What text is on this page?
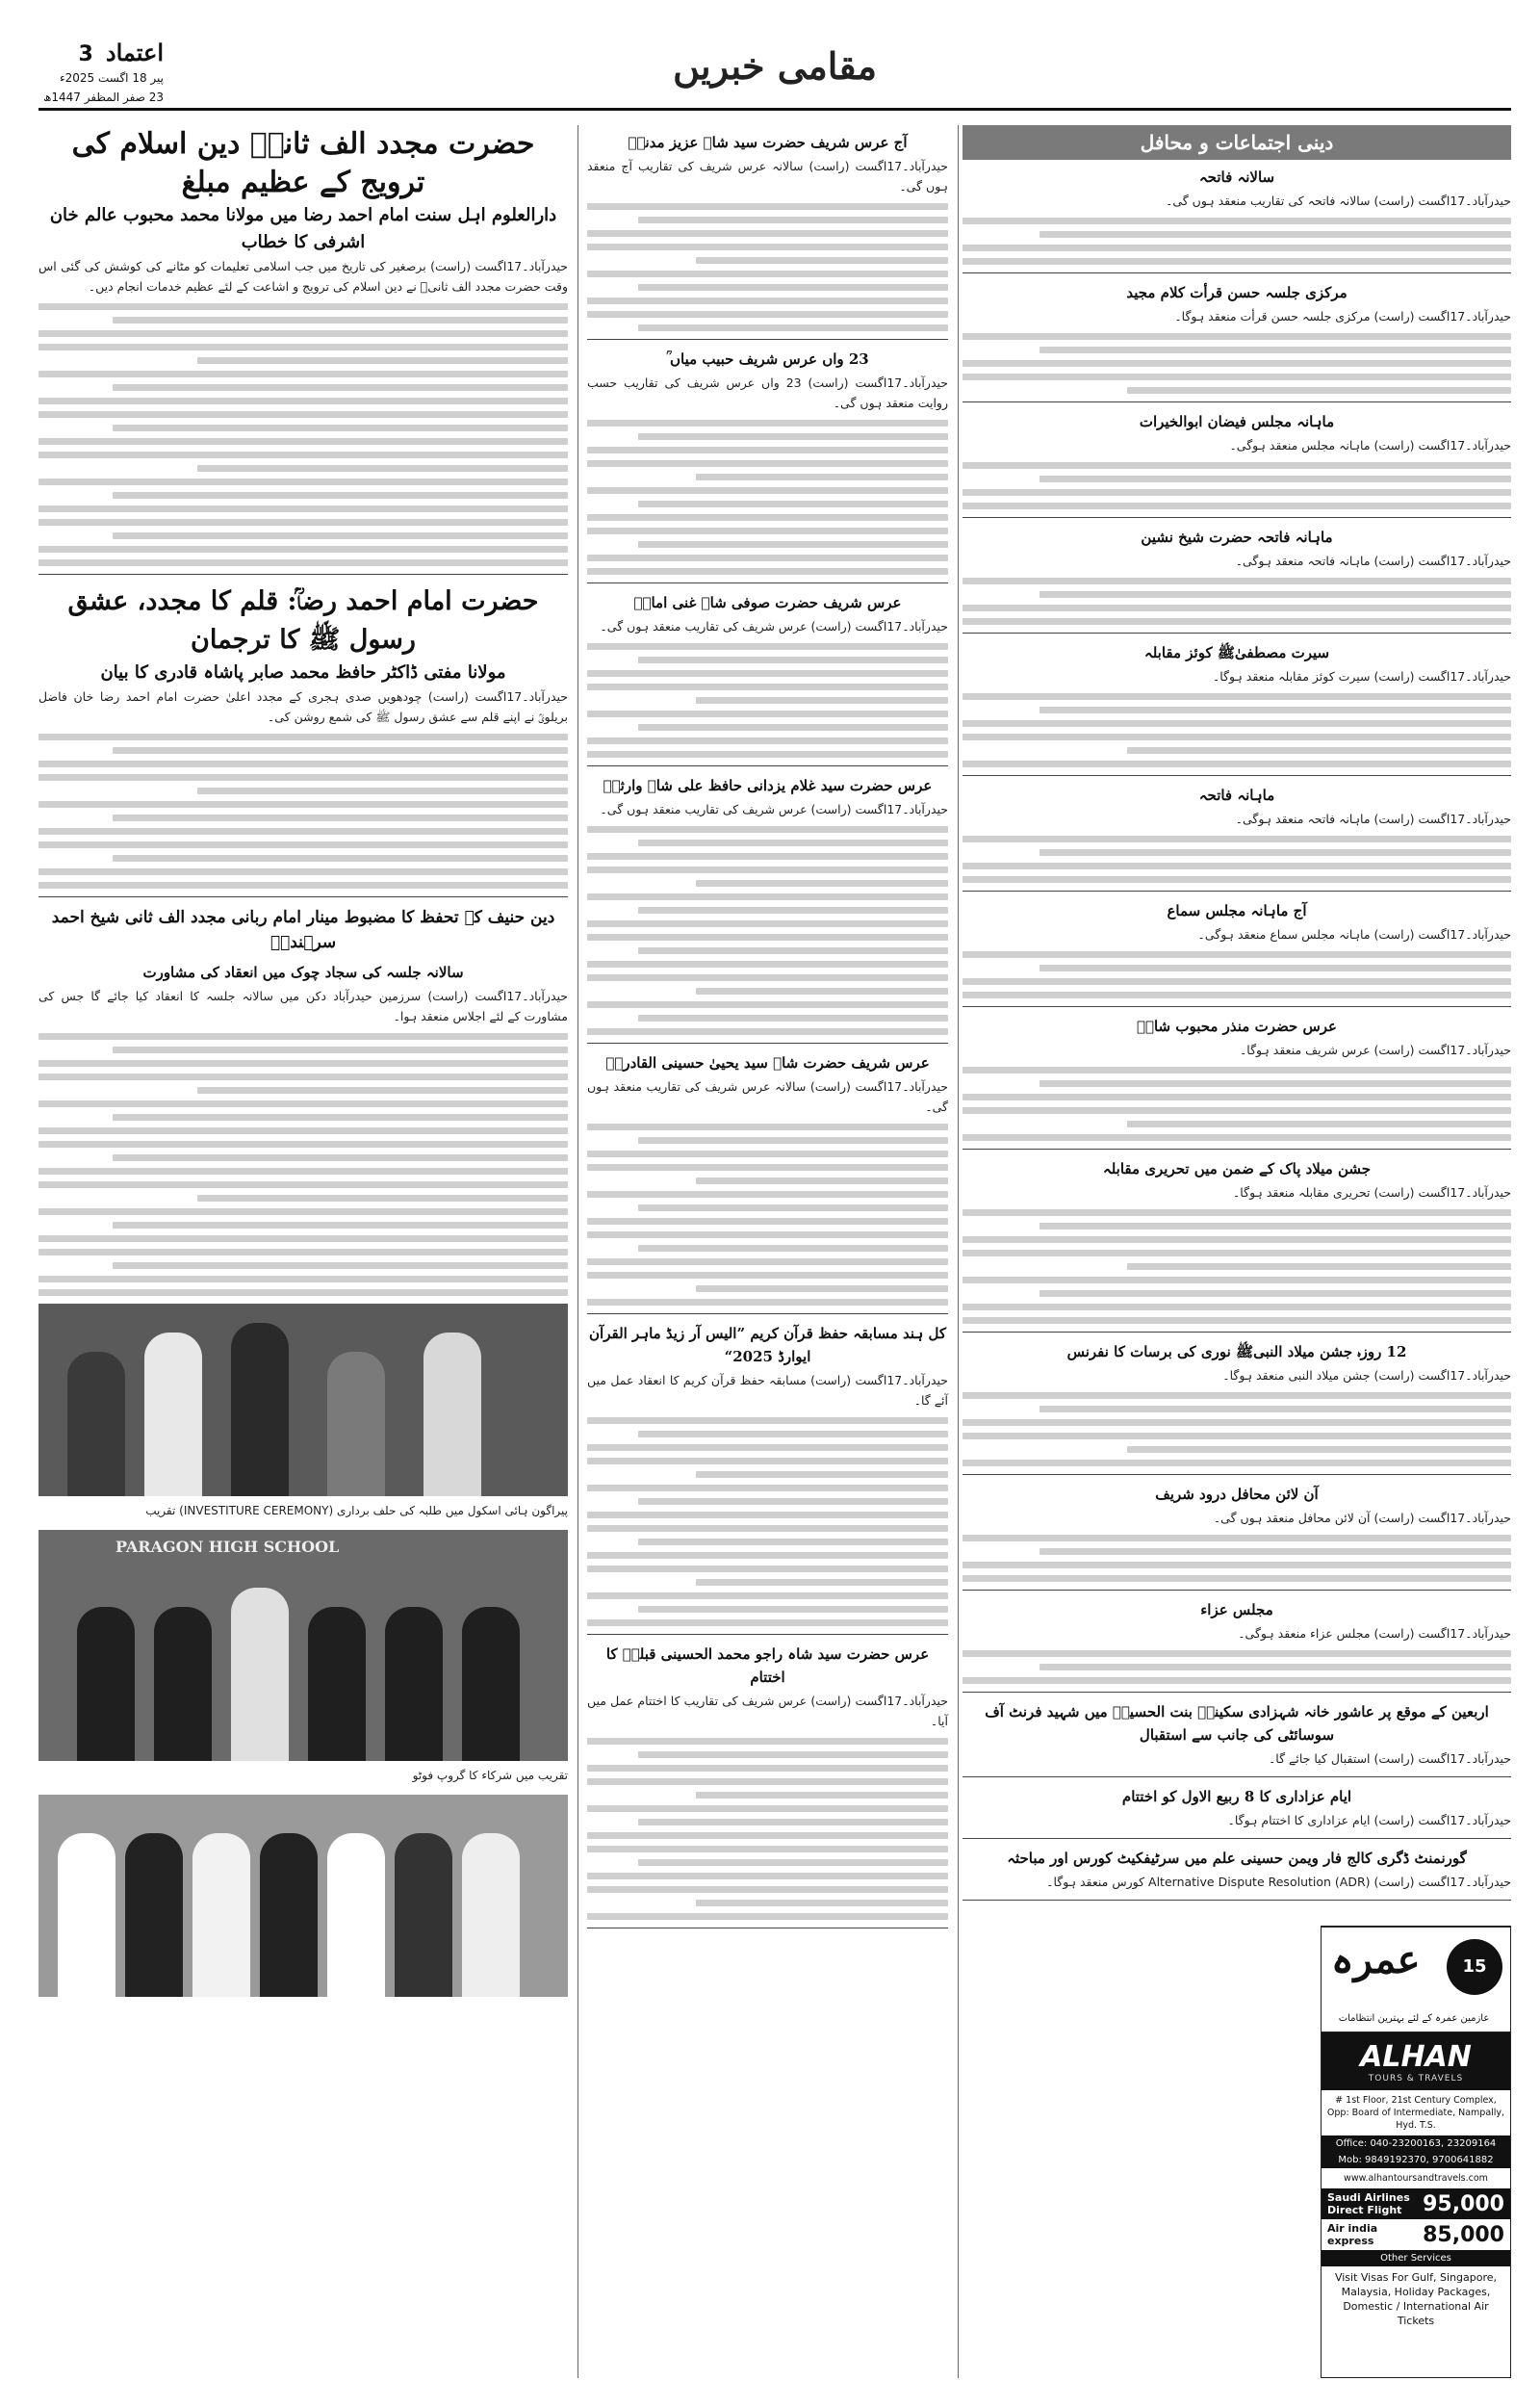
اعتماد 3
پیر 18 اگست 2025ء
23 صفر المظفر 1447ھ
مقامی خبریں
دینی اجتماعات و محافل
سالانہ فاتحہ
حیدرآباد۔17اگست (راست) سالانہ فاتحہ کی تقاریب منعقد ہوں گی۔
مرکزی جلسہ حسن قرأت کلام مجید
حیدرآباد۔17اگست (راست) مرکزی جلسہ حسن قرأت منعقد ہوگا۔
ماہانہ مجلس فیضان ابوالخیرات
حیدرآباد۔17اگست (راست) ماہانہ مجلس منعقد ہوگی۔
ماہانہ فاتحہ حضرت شیخ نشین
حیدرآباد۔17اگست (راست) ماہانہ فاتحہ منعقد ہوگی۔
سیرت مصطفیٰﷺ کوئز مقابلہ
حیدرآباد۔17اگست (راست) سیرت کوئز مقابلہ منعقد ہوگا۔
ماہانہ فاتحہ
حیدرآباد۔17اگست (راست) ماہانہ فاتحہ منعقد ہوگی۔
آج ماہانہ مجلس سماع
حیدرآباد۔17اگست (راست) ماہانہ مجلس سماع منعقد ہوگی۔
عرس حضرت منذر محبوب شاہؒ
حیدرآباد۔17اگست (راست) عرس شریف منعقد ہوگا۔
جشن میلاد پاک کے ضمن میں تحریری مقابلہ
حیدرآباد۔17اگست (راست) تحریری مقابلہ منعقد ہوگا۔
12 روزہ جشن میلاد النبیﷺ نوری کی برسات کا نفرنس
حیدرآباد۔17اگست (راست) جشن میلاد النبی منعقد ہوگا۔
آن لائن محافل درود شریف
حیدرآباد۔17اگست (راست) آن لائن محافل منعقد ہوں گی۔
مجلس عزاء
حیدرآباد۔17اگست (راست) مجلس عزاء منعقد ہوگی۔
اربعین کے موقع پر عاشور خانہ شہزادی سکینہؓ بنت الحسینؑ میں شہید فرنٹ آف سوسائٹی کی جانب سے استقبال
حیدرآباد۔17اگست (راست) استقبال کیا جائے گا۔
ایام عزاداری کا 8 ربیع الاول کو اختتام
حیدرآباد۔17اگست (راست) ایام عزاداری کا اختتام ہوگا۔
گورنمنٹ ڈگری کالج فار ویمن حسینی علم میں سرٹیفکیٹ کورس اور مباحثہ
حیدرآباد۔17اگست (راست) Alternative Dispute Resolution (ADR) کورس منعقد ہوگا۔
آج عرس شریف حضرت سید شاہ عزیز مدنیؒ
حیدرآباد۔17اگست (راست) سالانہ عرس شریف کی تقاریب آج منعقد ہوں گی۔
23 واں عرس شریف حبیب میاں ؒ
حیدرآباد۔17اگست (راست) 23 واں عرس شریف کی تقاریب حسب روایت منعقد ہوں گی۔
عرس شریف حضرت صوفی شاہ غنی امامؒ
حیدرآباد۔17اگست (راست) عرس شریف کی تقاریب منعقد ہوں گی۔
عرس حضرت سید غلام یزدانی حافظ علی شاہ وارثیؒ
حیدرآباد۔17اگست (راست) عرس شریف کی تقاریب منعقد ہوں گی۔
عرس شریف حضرت شاہ سید یحییٰ حسینی القادریؒ
حیدرآباد۔17اگست (راست) سالانہ عرس شریف کی تقاریب منعقد ہوں گی۔
کل ہند مسابقہ حفظ قرآن کریم ”الیس آر زیڈ ماہر القرآن ایوارڈ 2025“
حیدرآباد۔17اگست (راست) مسابقہ حفظ قرآن کریم کا انعقاد عمل میں آئے گا۔
عرس حضرت سید شاہ راجو محمد الحسینی قبلہؒ کا اختتام
حیدرآباد۔17اگست (راست) عرس شریف کی تقاریب کا اختتام عمل میں آیا۔
حضرت مجدد الف ثانیؒ دین اسلام کی ترویج کے عظیم مبلغ
دارالعلوم اہل سنت امام احمد رضا میں مولانا محمد محبوب عالم خان اشرفی کا خطاب
حیدرآباد۔17اگست (راست) برصغیر کی تاریخ میں جب اسلامی تعلیمات کو مٹانے کی کوشش کی گئی اس وقت حضرت مجدد الف ثانیؒ نے دین اسلام کی ترویج و اشاعت کے لئے عظیم خدمات انجام دیں۔
حضرت امام احمد رضاؒ: قلم کا مجدد، عشق رسول ﷺ کا ترجمان
مولانا مفتی ڈاکٹر حافظ محمد صابر پاشاہ قادری کا بیان
حیدرآباد۔17اگست (راست) چودھویں صدی ہجری کے مجدد اعلیٰ حضرت امام احمد رضا خان فاضل بریلویؒ نے اپنے قلم سے عشق رسول ﷺ کی شمع روشن کی۔
دین حنیف کے تحفظ کا مضبوط مینار امام ربانی مجدد الف ثانی شیخ احمد سرہندیؒ
سالانہ جلسہ کی سجاد چوک میں انعقاد کی مشاورت
حیدرآباد۔17اگست (راست) سرزمین حیدرآباد دکن میں سالانہ جلسہ کا انعقاد کیا جائے گا جس کی مشاورت کے لئے اجلاس منعقد ہوا۔
پیراگون ہائی اسکول میں طلبہ کی حلف برداری (INVESTITURE CEREMONY) تقریب
PARAGON HIGH SCHOOL
تقریب میں شرکاء کا گروپ فوٹو
عمرہ	15
عازمین عمرہ کے لئے بہترین انتظامات
ALHAN
TOURS & TRAVELS
# 1st Floor, 21st Century Complex, Opp: Board of Intermediate, Nampally, Hyd. T.S.
Office: 040-23200163, 23209164
Mob: 9849192370, 9700641882
www.alhantoursandtravels.com
Saudi Airlines Direct Flight 95,000
Air india express	85,000
Other Services
Visit Visas For Gulf, Singapore, Malaysia, Holiday Packages, Domestic / International Air Tickets
